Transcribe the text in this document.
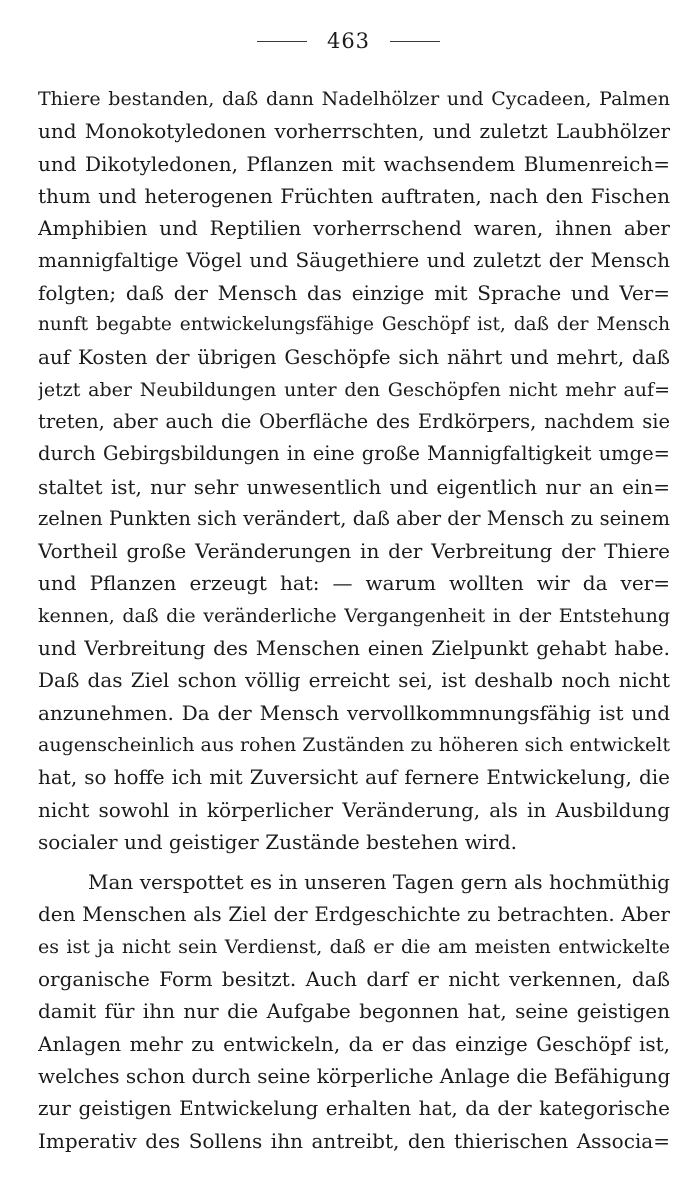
463
Thiere bestanden, daß dann Nadelhölzer und Cycadeen, Palmen
und Monokotyledonen vorherrschten, und zuletzt Laubhölzer
und Dikotyledonen, Pflanzen mit wachsendem Blumenreich=
thum und heterogenen Früchten auftraten, nach den Fischen
Amphibien und Reptilien vorherrschend waren, ihnen aber
mannigfaltige Vögel und Säugethiere und zuletzt der Mensch
folgten; daß der Mensch das einzige mit Sprache und Ver=
nunft begabte entwickelungsfähige Geschöpf ist, daß der Mensch
auf Kosten der übrigen Geschöpfe sich nährt und mehrt, daß
jetzt aber Neubildungen unter den Geschöpfen nicht mehr auf=
treten, aber auch die Oberfläche des Erdkörpers, nachdem sie
durch Gebirgsbildungen in eine große Mannigfaltigkeit umge=
staltet ist, nur sehr unwesentlich und eigentlich nur an ein=
zelnen Punkten sich verändert, daß aber der Mensch zu seinem
Vortheil große Veränderungen in der Verbreitung der Thiere
und Pflanzen erzeugt hat: — warum wollten wir da ver=
kennen, daß die veränderliche Vergangenheit in der Entstehung
und Verbreitung des Menschen einen Zielpunkt gehabt habe.
Daß das Ziel schon völlig erreicht sei, ist deshalb noch nicht
anzunehmen. Da der Mensch vervollkommnungsfähig ist und
augenscheinlich aus rohen Zuständen zu höheren sich entwickelt
hat, so hoffe ich mit Zuversicht auf fernere Entwickelung, die
nicht sowohl in körperlicher Veränderung, als in Ausbildung
socialer und geistiger Zustände bestehen wird.
Man verspottet es in unseren Tagen gern als hochmüthig
den Menschen als Ziel der Erdgeschichte zu betrachten. Aber
es ist ja nicht sein Verdienst, daß er die am meisten entwickelte
organische Form besitzt. Auch darf er nicht verkennen, daß
damit für ihn nur die Aufgabe begonnen hat, seine geistigen
Anlagen mehr zu entwickeln, da er das einzige Geschöpf ist,
welches schon durch seine körperliche Anlage die Befähigung
zur geistigen Entwickelung erhalten hat, da der kategorische
Imperativ des Sollens ihn antreibt, den thierischen Associa=
